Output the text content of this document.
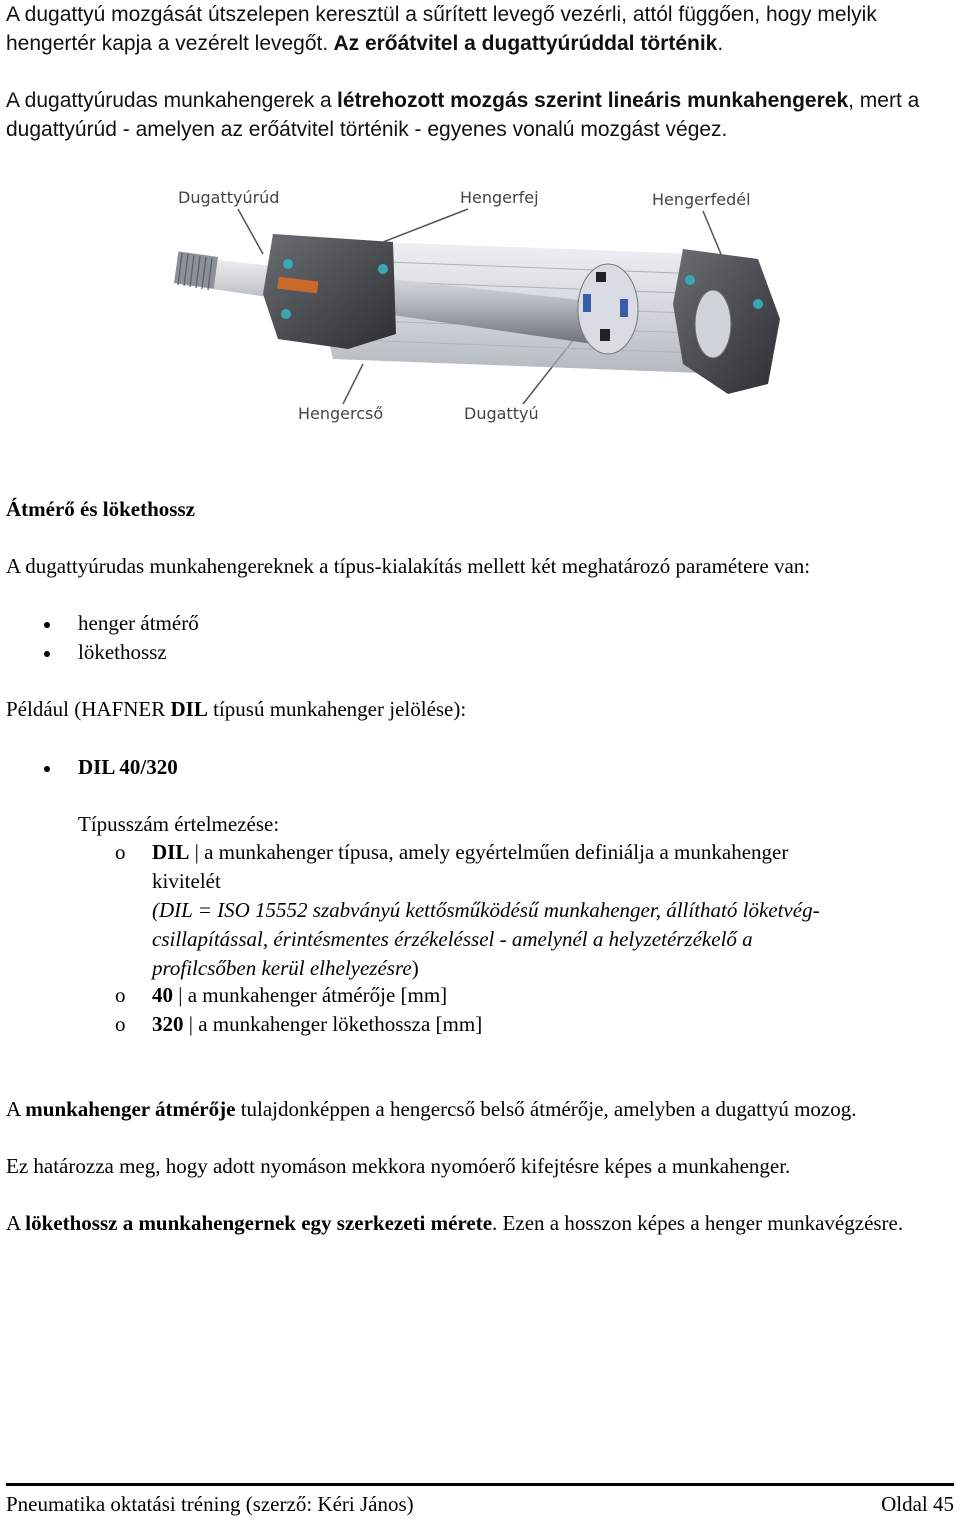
A dugattyú mozgását útszelepen keresztül a sűrített levegő vezérli, attól függően, hogy melyik hengertér kapja a vezérelt levegőt. Az erőátvitel a dugattyúrúddal történik.
A dugattyúrudas munkahengerek a létrehozott mozgás szerint lineáris munkahengerek, mert a dugattyúrúd - amelyen az erőátvitel történik - egyenes vonalú mozgást végez.
Dugattyúrúd	Hengerfej	Hengerfedél
Hengercső	Dugattyú
Átmérő és lökethossz
A dugattyúrudas munkahengereknek a típus-kialakítás mellett két meghatározó paramétere van:
henger átmérő
lökethossz
Például (HAFNER DIL típusú munkahenger jelölése):
DIL 40/320
Típusszám értelmezése:
o DIL | a munkahenger típusa, amely egyértelműen definiálja a munkahenger
kivitelét
(DIL = ISO 15552 szabványú kettősműködésű munkahenger, állítható löketvég-
csillapítással, érintésmentes érzékeléssel - amelynél a helyzetérzékelő a
profilcsőben kerül elhelyezésre)
o 40 | a munkahenger átmérője [mm]
o 320 | a munkahenger lökethossza [mm]
A munkahenger átmérője tulajdonképpen a hengercső belső átmérője, amelyben a dugattyú mozog.
Ez határozza meg, hogy adott nyomáson mekkora nyomóerő kifejtésre képes a munkahenger.
A lökethossz a munkahengernek egy szerkezeti mérete. Ezen a hosszon képes a henger munkavégzésre.
Pneumatika oktatási tréning (szerző: Kéri János)	Oldal 45
